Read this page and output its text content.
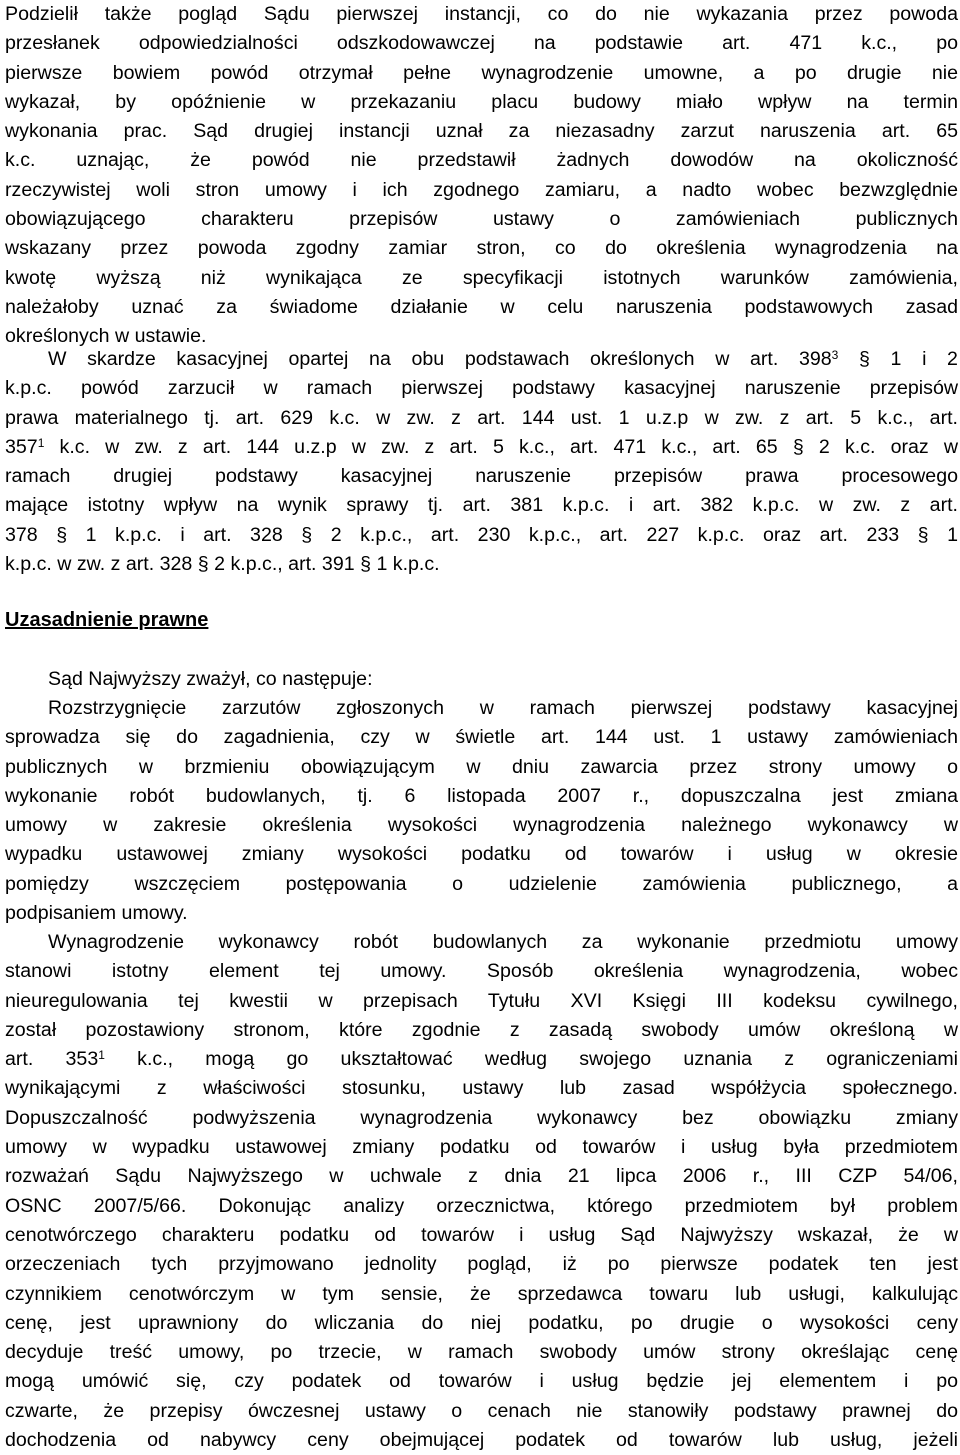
Podzielił także pogląd Sądu pierwszej instancji, co do nie wykazania przez powoda
przesłanek odpowiedzialności odszkodowawczej na podstawie art. 471 k.c., po
pierwsze bowiem powód otrzymał pełne wynagrodzenie umowne, a po drugie nie
wykazał, by opóźnienie w przekazaniu placu budowy miało wpływ na termin
wykonania prac. Sąd drugiej instancji uznał za niezasadny zarzut naruszenia art. 65
k.c. uznając, że powód nie przedstawił żadnych dowodów na okoliczność
rzeczywistej woli stron umowy i ich zgodnego zamiaru, a nadto wobec bezwzględnie
obowiązującego charakteru przepisów ustawy o zamówieniach publicznych
wskazany przez powoda zgodny zamiar stron, co do określenia wynagrodzenia na
kwotę wyższą niż wynikająca ze specyfikacji istotnych warunków zamówienia,
należałoby uznać za świadome działanie w celu naruszenia podstawowych zasad
określonych w ustawie.
W skardze kasacyjnej opartej na obu podstawach określonych w art. $398^3$ § 1 i 2
k.p.c. powód zarzucił w ramach pierwszej podstawy kasacyjnej naruszenie przepisów
prawa materialnego tj. art. 629 k.c. w zw. z art. 144 ust. 1 u.z.p w zw. z art. 5 k.c., art.
$357^1$ k.c. w zw. z art. 144 u.z.p w zw. z art. 5 k.c., art. 471 k.c., art. 65 § 2 k.c. oraz w
ramach drugiej podstawy kasacyjnej naruszenie przepisów prawa procesowego
mające istotny wpływ na wynik sprawy tj. art. 381 k.p.c. i art. 382 k.p.c. w zw. z art.
378 § 1 k.p.c. i art. 328 § 2 k.p.c., art. 230 k.p.c., art. 227 k.p.c. oraz art. 233 § 1
k.p.c. w zw. z art. 328 § 2 k.p.c., art. 391 § 1 k.p.c.
Uzasadnienie prawne
Sąd Najwyższy zważył, co następuje:
Rozstrzygnięcie zarzutów zgłoszonych w ramach pierwszej podstawy kasacyjnej
sprowadza się do zagadnienia, czy w świetle art. 144 ust. 1 ustawy zamówieniach
publicznych w brzmieniu obowiązującym w dniu zawarcia przez strony umowy o
wykonanie robót budowlanych, tj. 6 listopada 2007 r., dopuszczalna jest zmiana
umowy w zakresie określenia wysokości wynagrodzenia należnego wykonawcy w
wypadku ustawowej zmiany wysokości podatku od towarów i usług w okresie
pomiędzy wszczęciem postępowania o udzielenie zamówienia publicznego, a
podpisaniem umowy.
Wynagrodzenie wykonawcy robót budowlanych za wykonanie przedmiotu umowy
stanowi istotny element tej umowy. Sposób określenia wynagrodzenia, wobec
nieuregulowania tej kwestii w przepisach Tytułu XVI Księgi III kodeksu cywilnego,
został pozostawiony stronom, które zgodnie z zasadą swobody umów określoną w
art. $353^1$ k.c., mogą go ukształtować według swojego uznania z ograniczeniami
wynikającymi z właściwości stosunku, ustawy lub zasad współżycia społecznego.
Dopuszczalność podwyższenia wynagrodzenia wykonawcy bez obowiązku zmiany
umowy w wypadku ustawowej zmiany podatku od towarów i usług była przedmiotem
rozważań Sądu Najwyższego w uchwale z dnia 21 lipca 2006 r., III CZP 54/06,
OSNC 2007/5/66. Dokonując analizy orzecznictwa, którego przedmiotem był problem
cenotwórczego charakteru podatku od towarów i usług Sąd Najwyższy wskazał, że w
orzeczeniach tych przyjmowano jednolity pogląd, iż po pierwsze podatek ten jest
czynnikiem cenotwórczym w tym sensie, że sprzedawca towaru lub usługi, kalkulując
cenę, jest uprawniony do wliczania do niej podatku, po drugie o wysokości ceny
decyduje treść umowy, po trzecie, w ramach swobody umów strony określając cenę
mogą umówić się, czy podatek od towarów i usług będzie jej elementem i po
czwarte, że przepisy ówczesnej ustawy o cenach nie stanowiły podstawy prawnej do
dochodzenia od nabywcy ceny obejmującej podatek od towarów lub usług, jeżeli
